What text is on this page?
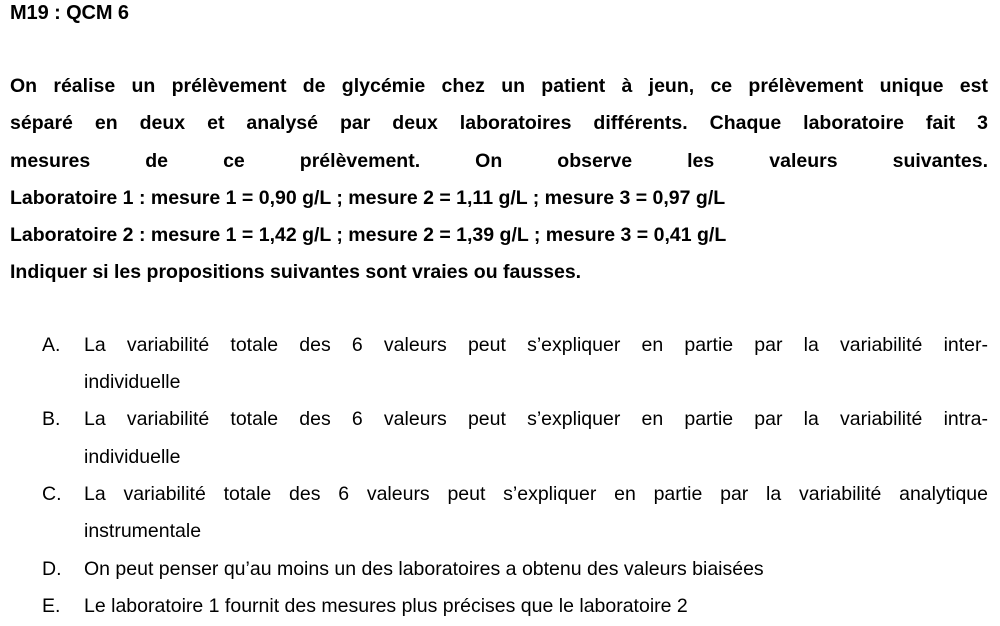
M19 : QCM 6
On réalise un prélèvement de glycémie chez un patient à jeun, ce prélèvement unique est
séparé en deux et analysé par deux laboratoires différents. Chaque laboratoire fait 3
mesures de ce prélèvement. On observe les valeurs suivantes.
Laboratoire 1 : mesure 1 = 0,90 g/L ; mesure 2 = 1,11 g/L ; mesure 3 = 0,97 g/L
Laboratoire 2 : mesure 1 = 1,42 g/L ; mesure 2 = 1,39 g/L ; mesure 3 = 0,41 g/L
Indiquer si les propositions suivantes sont vraies ou fausses.
A.	La variabilité totale des 6 valeurs peut s’expliquer en partie par la variabilité inter-
individuelle
B.	La variabilité totale des 6 valeurs peut s’expliquer en partie par la variabilité intra-
individuelle
C.	La variabilité totale des 6 valeurs peut s’expliquer en partie par la variabilité analytique
instrumentale
D.	On peut penser qu’au moins un des laboratoires a obtenu des valeurs biaisées
E.	Le laboratoire 1 fournit des mesures plus précises que le laboratoire 2
